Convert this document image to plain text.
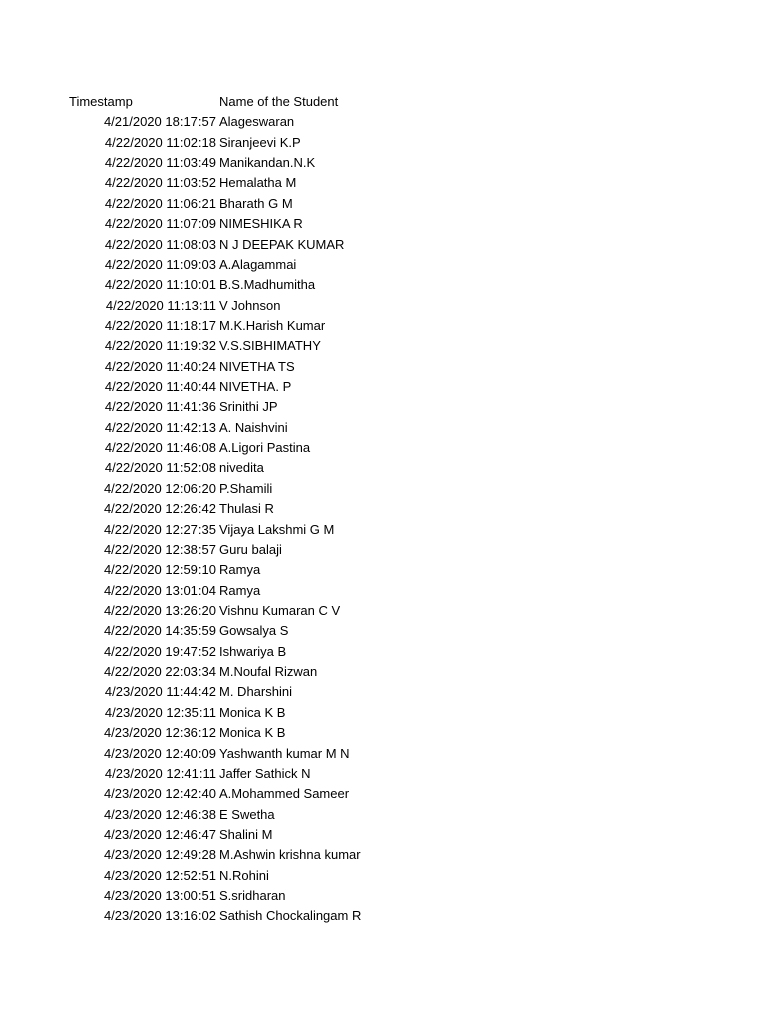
Timestamp	Name of the Student
4/21/2020 18:17:57 Alageswaran
4/22/2020 11:02:18 Siranjeevi K.P
4/22/2020 11:03:49 Manikandan.N.K
4/22/2020 11:03:52 Hemalatha M
4/22/2020 11:06:21 Bharath G M
4/22/2020 11:07:09 NIMESHIKA R
4/22/2020 11:08:03 N J DEEPAK KUMAR
4/22/2020 11:09:03 A.Alagammai
4/22/2020 11:10:01 B.S.Madhumitha
4/22/2020 11:13:11 V Johnson
4/22/2020 11:18:17 M.K.Harish Kumar
4/22/2020 11:19:32 V.S.SIBHIMATHY
4/22/2020 11:40:24 NIVETHA TS
4/22/2020 11:40:44 NIVETHA. P
4/22/2020 11:41:36 Srinithi JP
4/22/2020 11:42:13 A. Naishvini
4/22/2020 11:46:08 A.Ligori Pastina
4/22/2020 11:52:08 nivedita
4/22/2020 12:06:20 P.Shamili
4/22/2020 12:26:42 Thulasi R
4/22/2020 12:27:35 Vijaya Lakshmi G M
4/22/2020 12:38:57 Guru balaji
4/22/2020 12:59:10 Ramya
4/22/2020 13:01:04 Ramya
4/22/2020 13:26:20 Vishnu Kumaran C V
4/22/2020 14:35:59 Gowsalya S
4/22/2020 19:47:52 Ishwariya B
4/22/2020 22:03:34 M.Noufal Rizwan
4/23/2020 11:44:42 M. Dharshini
4/23/2020 12:35:11 Monica K B
4/23/2020 12:36:12 Monica K B
4/23/2020 12:40:09 Yashwanth kumar M N
4/23/2020 12:41:11 Jaffer Sathick N
4/23/2020 12:42:40 A.Mohammed Sameer
4/23/2020 12:46:38 E Swetha
4/23/2020 12:46:47 Shalini M
4/23/2020 12:49:28 M.Ashwin krishna kumar
4/23/2020 12:52:51 N.Rohini
4/23/2020 13:00:51 S.sridharan
4/23/2020 13:16:02 Sathish Chockalingam R
